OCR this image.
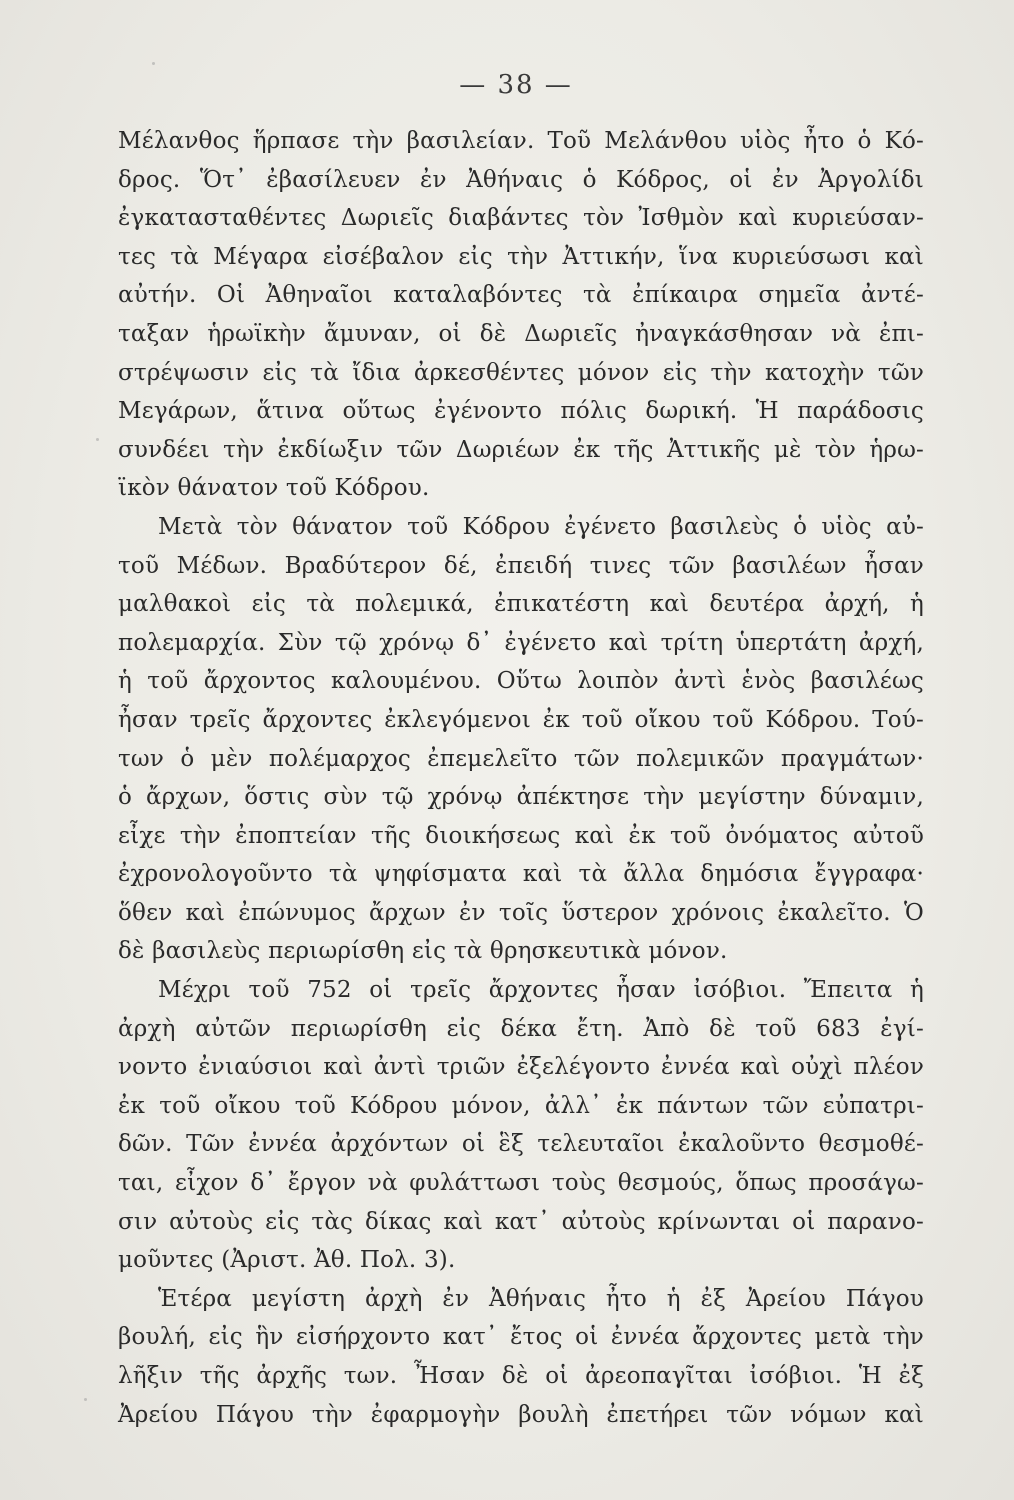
— 38 —
Μέλανθος ἥρπασε τὴν βασιλείαν. Τοῦ Μελάνθου υἱὸς ἦτο ὁ Κό-
δρος. Ὅτ᾽ ἐβασίλευεν ἐν Ἀθήναις ὁ Κόδρος, οἱ ἐν Ἀργολίδι
ἐγκατασταθέντες Δωριεῖς διαβάντες τὸν Ἰσθμὸν καὶ κυριεύσαν-
τες τὰ Μέγαρα εἰσέβαλον εἰς τὴν Ἀττικήν, ἵνα κυριεύσωσι καὶ
αὐτήν. Οἱ Ἀθηναῖοι καταλαβόντες τὰ ἐπίκαιρα σημεῖα ἀντέ-
ταξαν ἡρωϊκὴν ἄμυναν, οἱ δὲ Δωριεῖς ἠναγκάσθησαν νὰ ἐπι-
στρέψωσιν εἰς τὰ ἴδια ἀρκεσθέντες μόνον εἰς τὴν κατοχὴν τῶν
Μεγάρων, ἅτινα οὕτως ἐγένοντο πόλις δωρική. Ἡ παράδοσις
συνδέει τὴν ἐκδίωξιν τῶν Δωριέων ἐκ τῆς Ἀττικῆς μὲ τὸν ἡρω-
ϊκὸν θάνατον τοῦ Κόδρου.
Μετὰ τὸν θάνατον τοῦ Κόδρου ἐγένετο βασιλεὺς ὁ υἱὸς αὐ-
τοῦ Μέδων. Βραδύτερον δέ, ἐπειδή τινες τῶν βασιλέων ἦσαν
μαλθακοὶ εἰς τὰ πολεμικά, ἐπικατέστη καὶ δευτέρα ἀρχή, ἡ
πολεμαρχία. Σὺν τῷ χρόνῳ δ᾽ ἐγένετο καὶ τρίτη ὑπερτάτη ἀρχή,
ἡ τοῦ ἄρχοντος καλουμένου. Οὕτω λοιπὸν ἀντὶ ἑνὸς βασιλέως
ἦσαν τρεῖς ἄρχοντες ἐκλεγόμενοι ἐκ τοῦ οἴκου τοῦ Κόδρου. Τού-
των ὁ μὲν πολέμαρχος ἐπεμελεῖτο τῶν πολεμικῶν πραγμάτων·
ὁ ἄρχων, ὅστις σὺν τῷ χρόνῳ ἀπέκτησε τὴν μεγίστην δύναμιν,
εἶχε τὴν ἐποπτείαν τῆς διοικήσεως καὶ ἐκ τοῦ ὀνόματος αὐτοῦ
ἐχρονολογοῦντο τὰ ψηφίσματα καὶ τὰ ἄλλα δημόσια ἔγγραφα·
ὅθεν καὶ ἐπώνυμος ἄρχων ἐν τοῖς ὕστερον χρόνοις ἐκαλεῖτο. Ὁ
δὲ βασιλεὺς περιωρίσθη εἰς τὰ θρησκευτικὰ μόνον.
Μέχρι τοῦ 752 οἱ τρεῖς ἄρχοντες ἦσαν ἰσόβιοι. Ἔπειτα ἡ
ἀρχὴ αὐτῶν περιωρίσθη εἰς δέκα ἔτη. Ἀπὸ δὲ τοῦ 683 ἐγί-
νοντο ἐνιαύσιοι καὶ ἀντὶ τριῶν ἐξελέγοντο ἐννέα καὶ οὐχὶ πλέον
ἐκ τοῦ οἴκου τοῦ Κόδρου μόνον, ἀλλ᾽ ἐκ πάντων τῶν εὐπατρι-
δῶν. Τῶν ἐννέα ἀρχόντων οἱ ἓξ τελευταῖοι ἐκαλοῦντο θεσμοθέ-
ται, εἶχον δ᾽ ἔργον νὰ φυλάττωσι τοὺς θεσμούς, ὅπως προσάγω-
σιν αὐτοὺς εἰς τὰς δίκας καὶ κατ᾽ αὐτοὺς κρίνωνται οἱ παρανο-
μοῦντες (Ἀριστ. Ἀθ. Πολ. 3).
Ἑτέρα μεγίστη ἀρχὴ ἐν Ἀθήναις ἦτο ἡ ἐξ Ἀρείου Πάγου
βουλή, εἰς ἣν εἰσήρχοντο κατ᾽ ἔτος οἱ ἐννέα ἄρχοντες μετὰ τὴν
λῆξιν τῆς ἀρχῆς των. Ἦσαν δὲ οἱ ἀρεοπαγῖται ἰσόβιοι. Ἡ ἐξ
Ἀρείου Πάγου τὴν ἐφαρμογὴν βουλὴ ἐπετήρει τῶν νόμων καὶ
